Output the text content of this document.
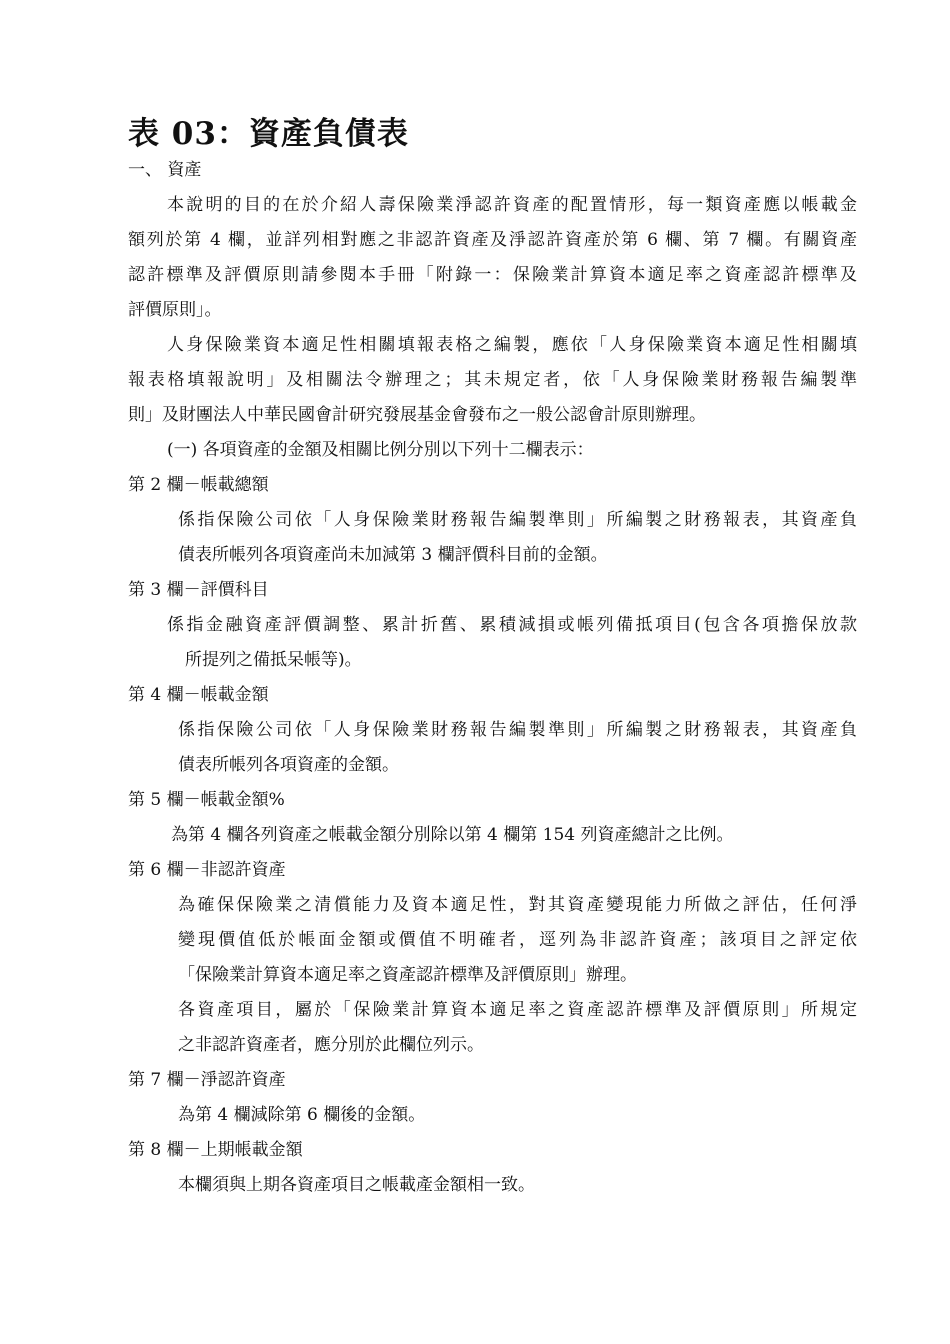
表 03：資產負債表
一、 資產
本說明的目的在於介紹人壽保險業淨認許資產的配置情形，每一類資產應以帳載金
額列於第 4 欄，並詳列相對應之非認許資產及淨認許資產於第 6 欄、第 7 欄。有關資產
認許標準及評價原則請參閱本手冊「附錄一：保險業計算資本適足率之資產認許標準及
評價原則」。
人身保險業資本適足性相關填報表格之編製，應依「人身保險業資本適足性相關填
報表格填報說明」及相關法令辦理之；其未規定者，依「人身保險業財務報告編製準
則」及財團法人中華民國會計研究發展基金會發布之一般公認會計原則辦理。
(一) 各項資產的金額及相關比例分別以下列十二欄表示：
第 2 欄－帳載總額
係指保險公司依「人身保險業財務報告編製準則」所編製之財務報表，其資產負
債表所帳列各項資產尚未加減第 3 欄評價科目前的金額。
第 3 欄－評價科目
係指金融資產評價調整、累計折舊、累積減損或帳列備抵項目(包含各項擔保放款
所提列之備抵呆帳等)。
第 4 欄－帳載金額
係指保險公司依「人身保險業財務報告編製準則」所編製之財務報表，其資產負
債表所帳列各項資產的金額。
第 5 欄－帳載金額%
為第 4 欄各列資產之帳載金額分別除以第 4 欄第 154 列資產總計之比例。
第 6 欄－非認許資產
為確保保險業之清償能力及資本適足性，對其資產變現能力所做之評估，任何淨
變現價值低於帳面金額或價值不明確者，逕列為非認許資產；該項目之評定依
「保險業計算資本適足率之資產認許標準及評價原則」辦理。
各資產項目，屬於「保險業計算資本適足率之資產認許標準及評價原則」所規定
之非認許資產者，應分別於此欄位列示。
第 7 欄－淨認許資產
為第 4 欄減除第 6 欄後的金額。
第 8 欄－上期帳載金額
本欄須與上期各資產項目之帳載產金額相一致。
